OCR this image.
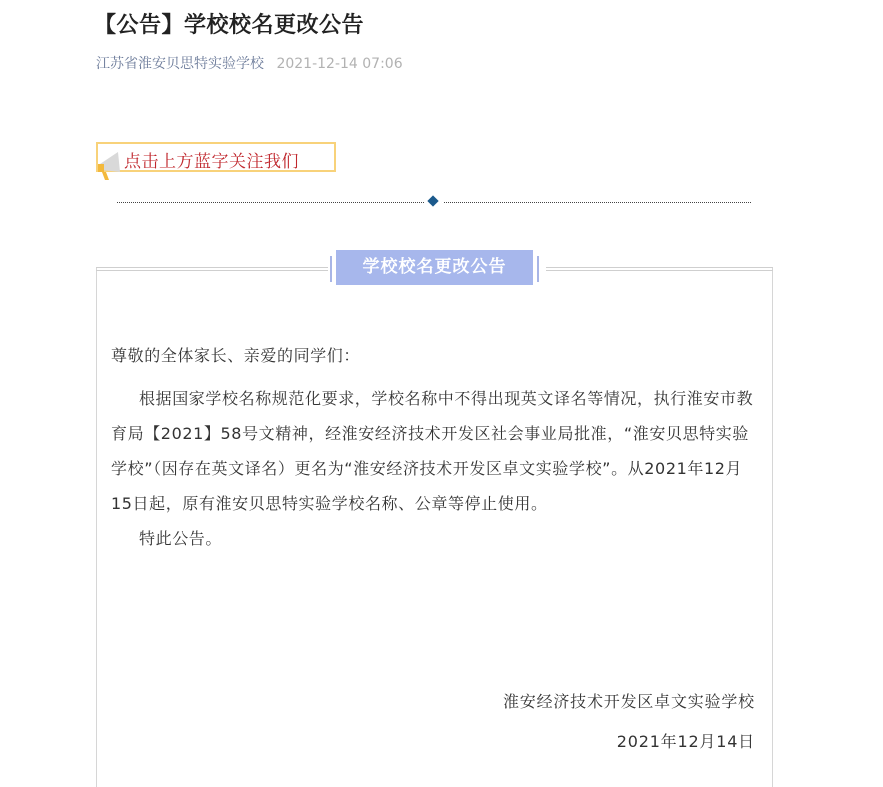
【公告】学校校名更改公告
江苏省淮安贝思特实验学校 2021-12-14 07:06
点击上方蓝字关注我们
学校校名更改公告

尊敬的全体家长、亲爱的同学们：

根据国家学校名称规范化要求，学校名称中不得出现英文译名等情况，执行淮安市教育局【2021】58号文精神，经淮安经济技术开发区社会事业局批准，“淮安贝思特实验学校”（因存在英文译名）更名为“淮安经济技术开发区卓文实验学校”。从2021年12月15日起，原有淮安贝思特实验学校名称、公章等停止使用。

特此公告。

淮安经济技术开发区卓文实验学校

2021年12月14日
